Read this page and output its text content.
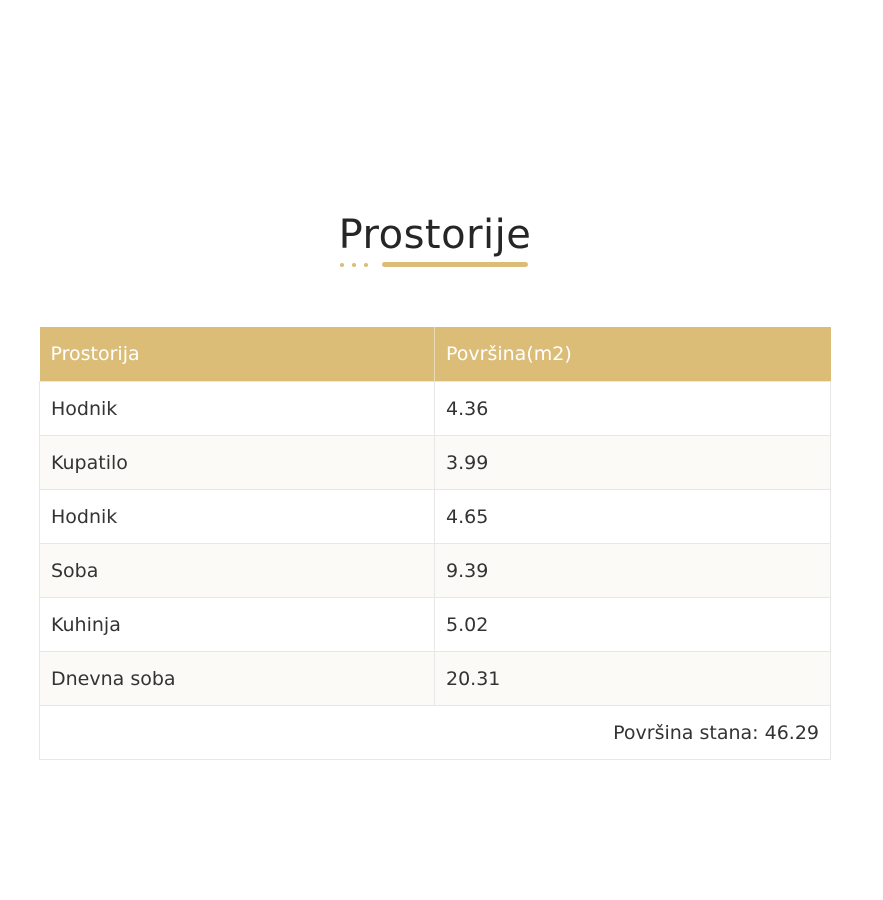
Prostorije
Prostorija	Površina(m2)
Hodnik	4.36
Kupatilo	3.99
Hodnik	4.65
Soba	9.39
Kuhinja	5.02
Dnevna soba	20.31
Površina stana: 46.29	
